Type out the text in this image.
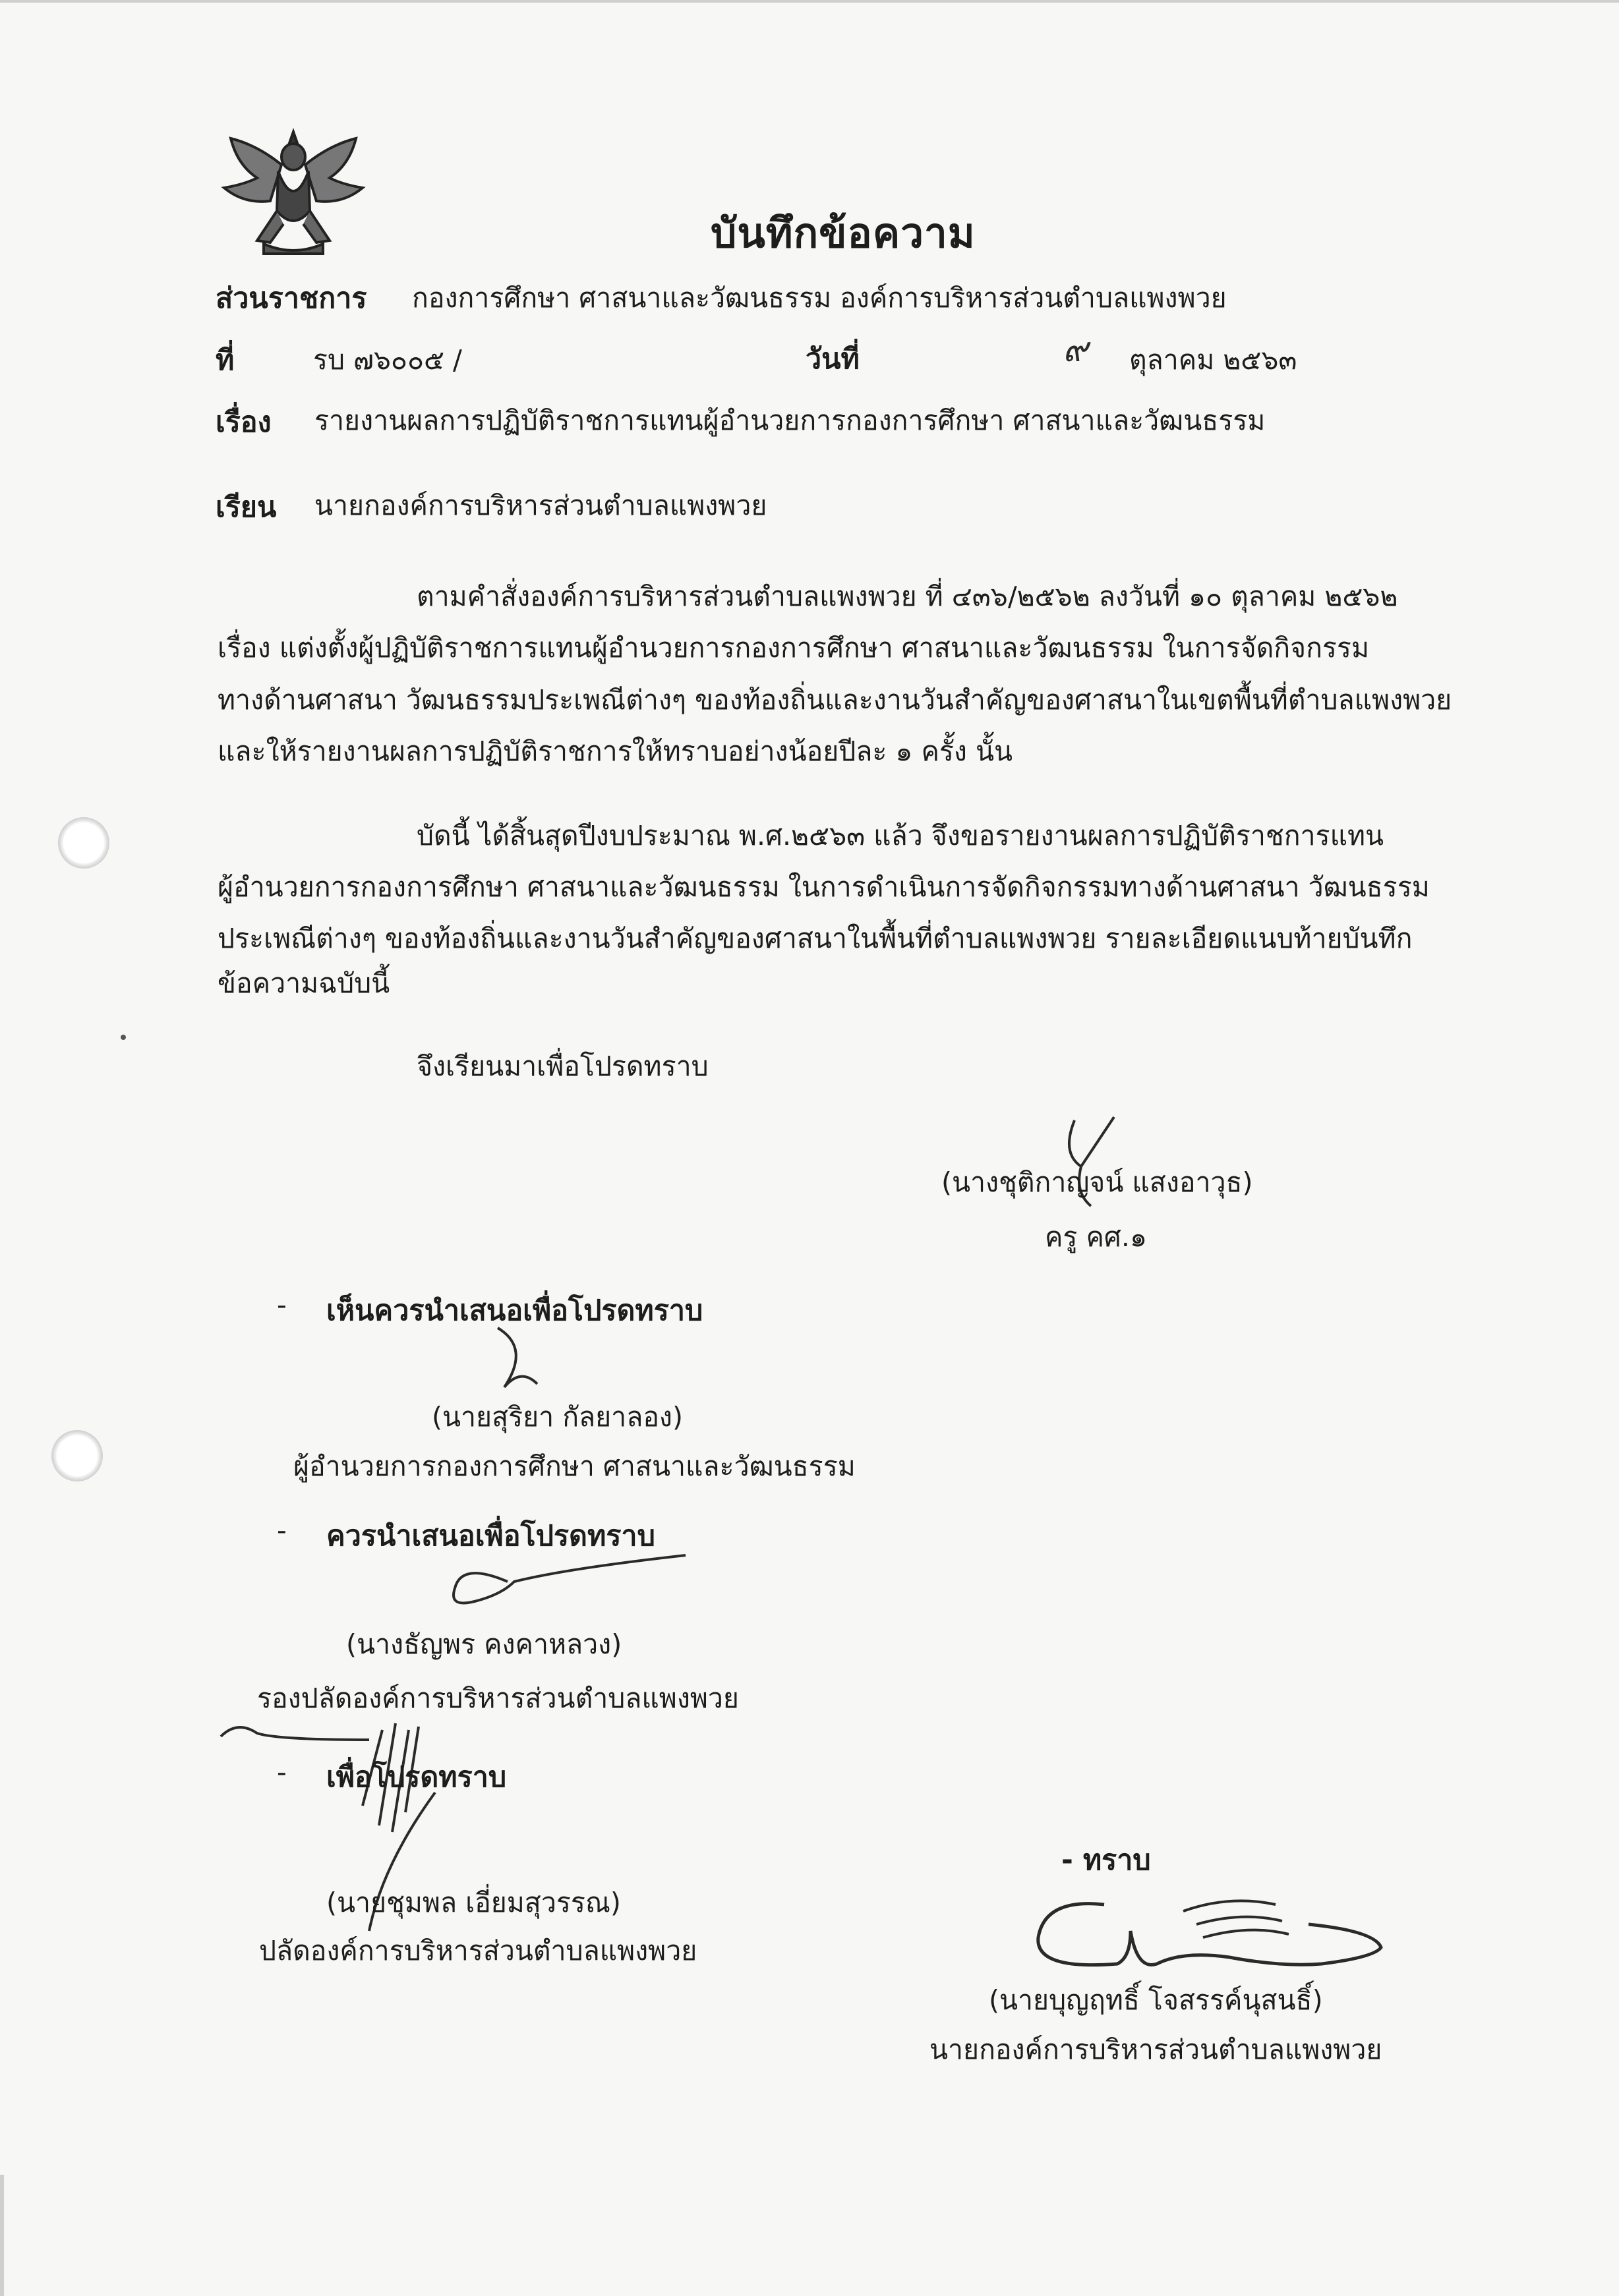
บันทึกข้อความ
ส่วนราชการ กองการศึกษา ศาสนาและวัฒนธรรม องค์การบริหารส่วนตำบลแพงพวย
ที่	รบ ๗๖๐๐๕ /	วันที่	๙ ตุลาคม ๒๕๖๓
เรื่อง รายงานผลการปฏิบัติราชการแทนผู้อำนวยการกองการศึกษา ศาสนาและวัฒนธรรม
เรียน นายกองค์การบริหารส่วนตำบลแพงพวย
ตามคำสั่งองค์การบริหารส่วนตำบลแพงพวย ที่ ๔๓๖/๒๕๖๒ ลงวันที่ ๑๐ ตุลาคม ๒๕๖๒
เรื่อง แต่งตั้งผู้ปฏิบัติราชการแทนผู้อำนวยการกองการศึกษา ศาสนาและวัฒนธรรม ในการจัดกิจกรรม
ทางด้านศาสนา วัฒนธรรมประเพณีต่างๆ ของท้องถิ่นและงานวันสำคัญของศาสนาในเขตพื้นที่ตำบลแพงพวย
และให้รายงานผลการปฏิบัติราชการให้ทราบอย่างน้อยปีละ ๑ ครั้ง นั้น
บัดนี้ ได้สิ้นสุดปีงบประมาณ พ.ศ.๒๕๖๓ แล้ว จึงขอรายงานผลการปฏิบัติราชการแทน
ผู้อำนวยการกองการศึกษา ศาสนาและวัฒนธรรม ในการดำเนินการจัดกิจกรรมทางด้านศาสนา วัฒนธรรม
ประเพณีต่างๆ ของท้องถิ่นและงานวันสำคัญของศาสนาในพื้นที่ตำบลแพงพวย รายละเอียดแนบท้ายบันทึก
ข้อความฉบับนี้
จึงเรียนมาเพื่อโปรดทราบ
(นางชุติกาญจน์ แสงอาวุธ)
ครู คศ.๑
- เห็นควรนำเสนอเพื่อโปรดทราบ
(นายสุริยา กัลยาลอง)
ผู้อำนวยการกองการศึกษา ศาสนาและวัฒนธรรม
- ควรนำเสนอเพื่อโปรดทราบ
(นางธัญพร คงคาหลวง)
รองปลัดองค์การบริหารส่วนตำบลแพงพวย
- เพื่อโปรดทราบ
(นายชุมพล เอี่ยมสุวรรณ)
ปลัดองค์การบริหารส่วนตำบลแพงพวย
- ทราบ
(นายบุญฤทธิ์ โจสรรค์นุสนธิ์)
นายกองค์การบริหารส่วนตำบลแพงพวย
